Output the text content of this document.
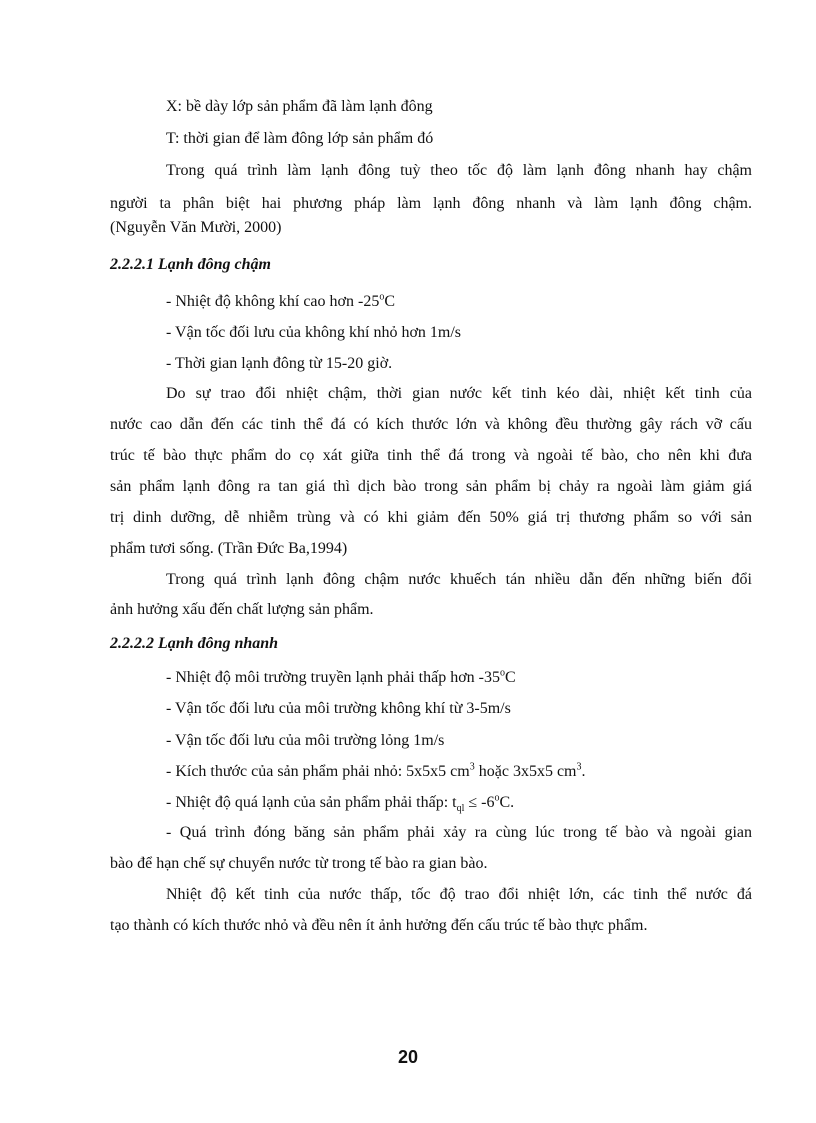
X: bề dày lớp sản phẩm đã làm lạnh đông
T: thời gian để làm đông lớp sản phẩm đó
Trong quá trình làm lạnh đông tuỳ theo tốc độ làm lạnh đông nhanh hay chậm
người ta phân biệt hai phương pháp làm lạnh đông nhanh và làm lạnh đông chậm.
(Nguyễn Văn Mười, 2000)
2.2.2.1 Lạnh đông chậm
- Nhiệt độ không khí cao hơn -25$^o$C
- Vận tốc đối lưu của không khí nhỏ hơn 1m/s
- Thời gian lạnh đông từ 15-20 giờ.
Do sự trao đổi nhiệt chậm, thời gian nước kết tinh kéo dài, nhiệt kết tinh của
nước cao dẫn đến các tinh thể đá có kích thước lớn và không đều thường gây rách vỡ cấu
trúc tế bào thực phẩm do cọ xát giữa tinh thể đá trong và ngoài tế bào, cho nên khi đưa
sản phẩm lạnh đông ra tan giá thì dịch bào trong sản phẩm bị chảy ra ngoài làm giảm giá
trị dinh dưỡng, dễ nhiễm trùng và có khi giảm đến 50% giá trị thương phẩm so với sản
phẩm tươi sống. (Trần Đức Ba,1994)
Trong quá trình lạnh đông chậm nước khuếch tán nhiều dẫn đến những biến đổi
ảnh hưởng xấu đến chất lượng sản phẩm.
2.2.2.2 Lạnh đông nhanh
- Nhiệt độ môi trường truyền lạnh phải thấp hơn -35$^o$C
- Vận tốc đối lưu của môi trường không khí từ 3-5m/s
- Vận tốc đối lưu của môi trường lỏng 1m/s
- Kích thước của sản phẩm phải nhỏ: 5x5x5 $cm^3$ hoặc 3x5x5 $cm^3$.
- Nhiệt độ quá lạnh của sản phẩm phải thấp: $t_{ql} \le -6^oC$.
- Quá trình đóng băng sản phẩm phải xảy ra cùng lúc trong tế bào và ngoài gian
bào để hạn chế sự chuyển nước từ trong tế bào ra gian bào.
Nhiệt độ kết tinh của nước thấp, tốc độ trao đổi nhiệt lớn, các tinh thể nước đá
tạo thành có kích thước nhỏ và đều nên ít ảnh hưởng đến cấu trúc tế bào thực phẩm.
20
